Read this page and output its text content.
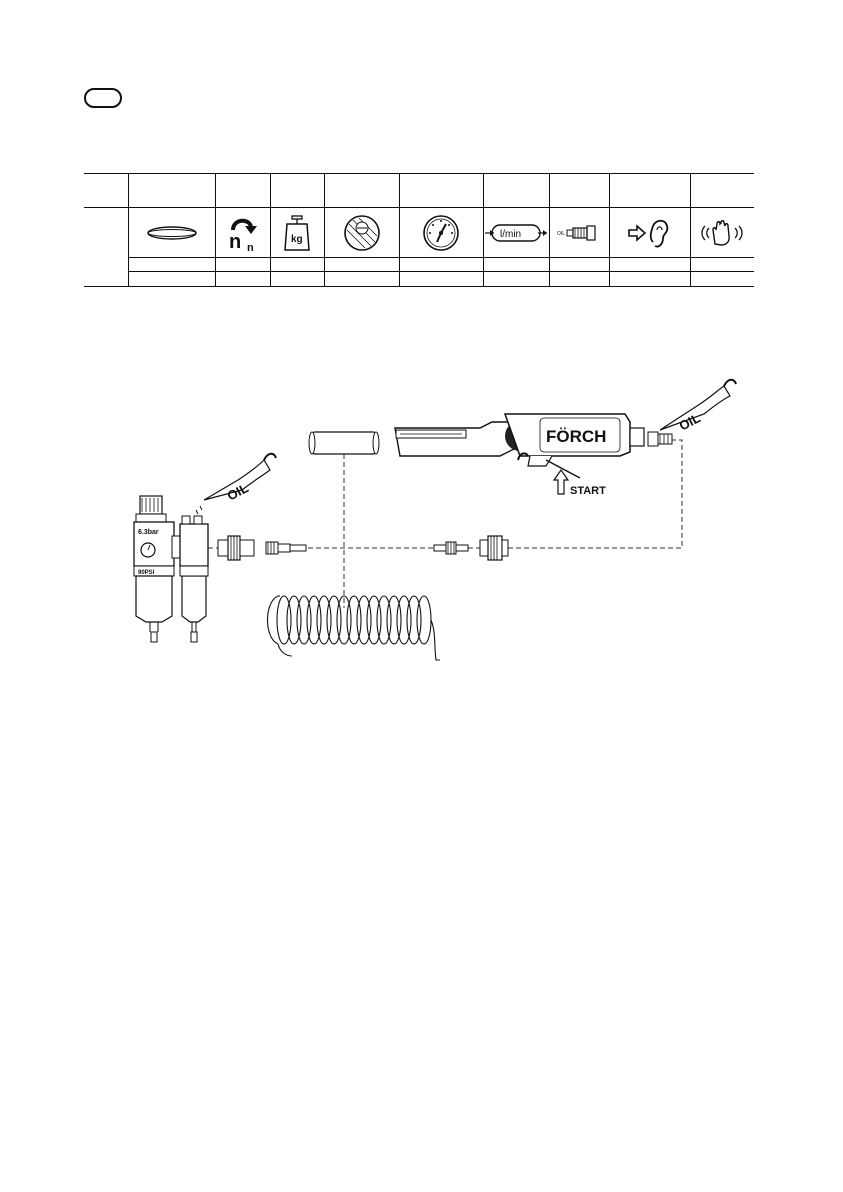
n n
kg	l/min	OIL
FÖRCH
START
OIL
6.3bar
90PSI
OIL
